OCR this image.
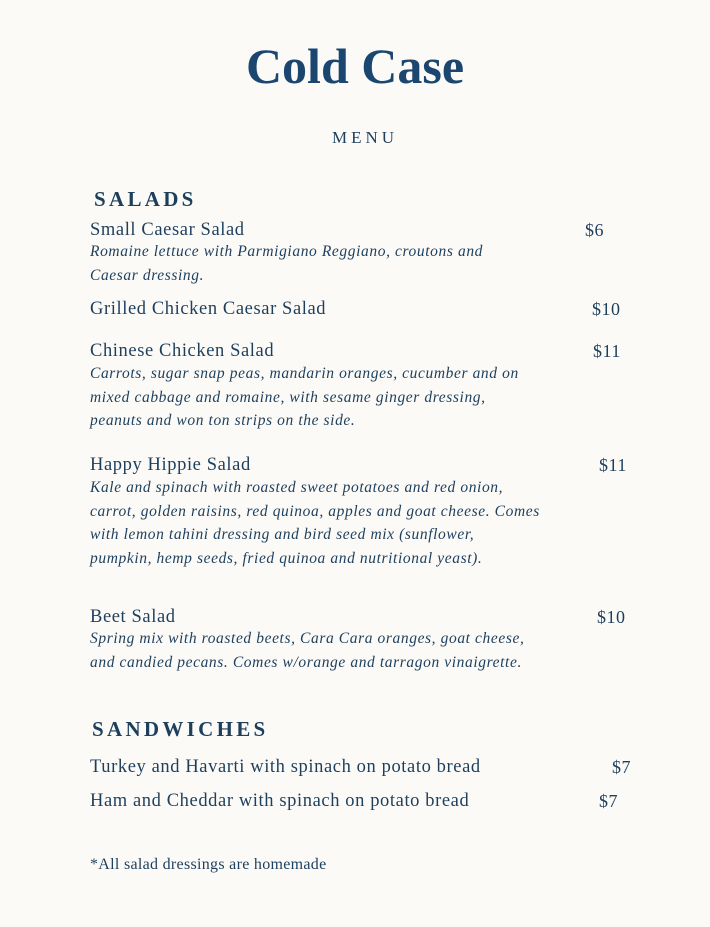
Cold Case
MENU
SALADS
Small Caesar Salad	$6
Romaine lettuce with Parmigiano Reggiano, croutons and
Caesar dressing.
Grilled Chicken Caesar Salad	$10
Chinese Chicken Salad	$11
Carrots, sugar snap peas, mandarin oranges, cucumber and on
mixed cabbage and romaine, with sesame ginger dressing,
peanuts and won ton strips on the side.
Happy Hippie Salad	$11
Kale and spinach with roasted sweet potatoes and red onion,
carrot, golden raisins, red quinoa, apples and goat cheese. Comes
with lemon tahini dressing and bird seed mix (sunflower,
pumpkin, hemp seeds, fried quinoa and nutritional yeast).
Beet Salad	$10
Spring mix with roasted beets, Cara Cara oranges, goat cheese,
and candied pecans. Comes w/orange and tarragon vinaigrette.
SANDWICHES
Turkey and Havarti with spinach on potato bread	$7
Ham and Cheddar with spinach on potato bread	$7
*All salad dressings are homemade
